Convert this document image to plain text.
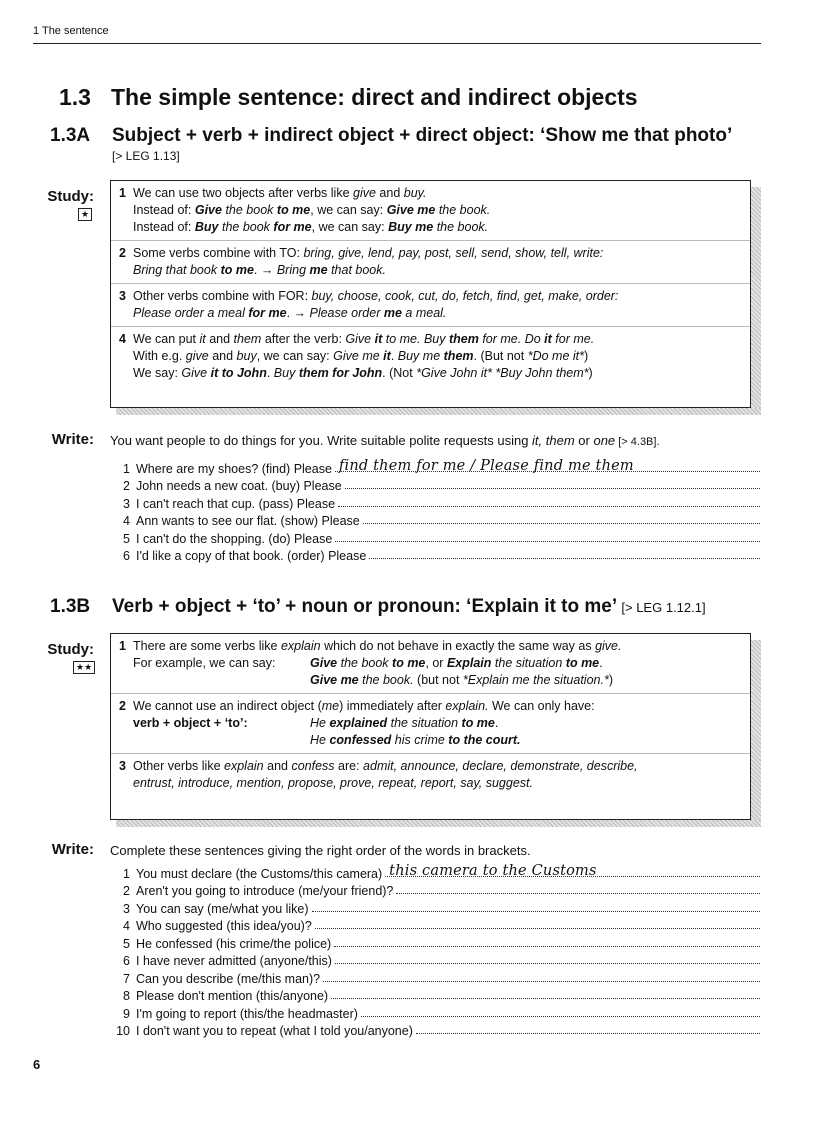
1 The sentence
1.3 The simple sentence: direct and indirect objects
1.3A Subject + verb + indirect object + direct object: ‘Show me that photo’
[> LEG 1.13]
Study:
★
1 We can use two objects after verbs like give and buy.
Instead of: Give the book to me, we can say: Give me the book.
Instead of: Buy the book for me, we can say: Buy me the book.
2 Some verbs combine with TO: bring, give, lend, pay, post, sell, send, show, tell, write:
Bring that book to me. → Bring me that book.
3 Other verbs combine with FOR: buy, choose, cook, cut, do, fetch, find, get, make, order:
Please order a meal for me. → Please order me a meal.
4 We can put it and them after the verb: Give it to me. Buy them for me. Do it for me.
With e.g. give and buy, we can say: Give me it. Buy me them. (But not *Do me it*)
We say: Give it to John. Buy them for John. (Not *Give John it* *Buy John them*)
Write: You want people to do things for you. Write suitable polite requests using it, them or one [> 4.3B].
1 Where are my shoes? (find) Please find them for me / Please find me them
2 John needs a new coat. (buy) Please
3 I can't reach that cup. (pass) Please
4 Ann wants to see our flat. (show) Please
5 I can't do the shopping. (do) Please
6 I'd like a copy of that book. (order) Please
1.3B Verb + object + ‘to’ + noun or pronoun: ‘Explain it to me’ [> LEG 1.12.1]
Study:
★★
1 There are some verbs like explain which do not behave in exactly the same way as give.
For example, we can say:	Give the book to me, or Explain the situation to me.
Give me the book. (but not *Explain me the situation.*)
2 We cannot use an indirect object (me) immediately after explain. We can only have:
verb + object + ‘to’:	He explained the situation to me.
He confessed his crime to the court.
3 Other verbs like explain and confess are: admit, announce, declare, demonstrate, describe,
entrust, introduce, mention, propose, prove, repeat, report, say, suggest.
Write: Complete these sentences giving the right order of the words in brackets.
1 You must declare (the Customs/this camera) this camera to the Customs
2 Aren't you going to introduce (me/your friend)?
3 You can say (me/what you like)
4 Who suggested (this idea/you)?
5 He confessed (his crime/the police)
6 I have never admitted (anyone/this)
7 Can you describe (me/this man)?
8 Please don't mention (this/anyone)
9 I'm going to report (this/the headmaster)
10 I don't want you to repeat (what I told you/anyone)
6
